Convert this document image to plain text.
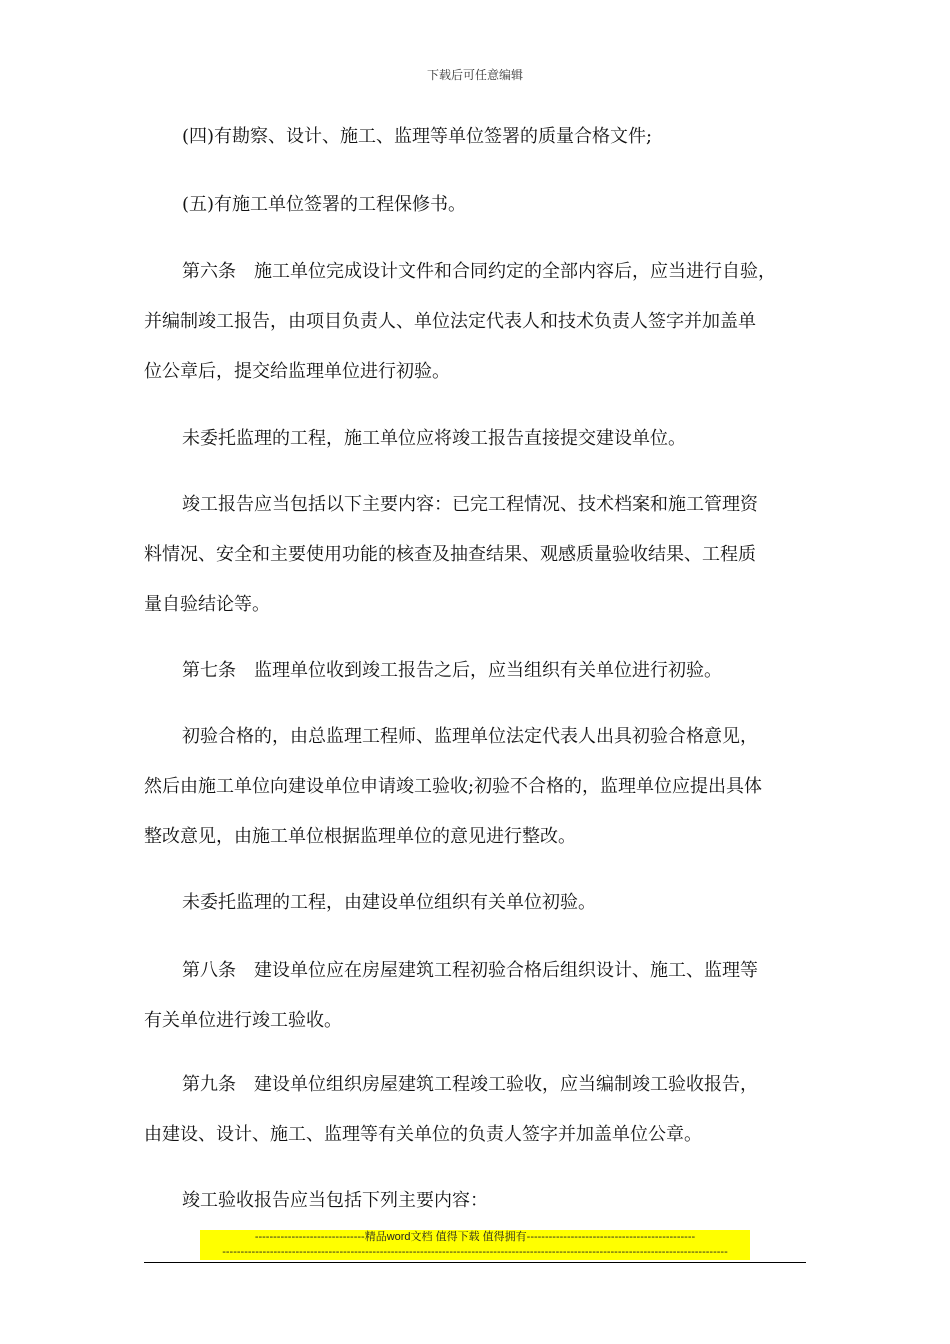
下载后可任意编辑
(四)有勘察、设计、施工、监理等单位签署的质量合格文件;
(五)有施工单位签署的工程保修书。
第六条　施工单位完成设计文件和合同约定的全部内容后，应当进行自验，
并编制竣工报告，由项目负责人、单位法定代表人和技术负责人签字并加盖单
位公章后，提交给监理单位进行初验。
未委托监理的工程，施工单位应将竣工报告直接提交建设单位。
竣工报告应当包括以下主要内容：已完工程情况、技术档案和施工管理资
料情况、安全和主要使用功能的核查及抽查结果、观感质量验收结果、工程质
量自验结论等。
第七条　监理单位收到竣工报告之后，应当组织有关单位进行初验。
初验合格的，由总监理工程师、监理单位法定代表人出具初验合格意见，
然后由施工单位向建设单位申请竣工验收;初验不合格的，监理单位应提出具体
整改意见，由施工单位根据监理单位的意见进行整改。
未委托监理的工程，由建设单位组织有关单位初验。
第八条　建设单位应在房屋建筑工程初验合格后组织设计、施工、监理等
有关单位进行竣工验收。
第九条　建设单位组织房屋建筑工程竣工验收，应当编制竣工验收报告，
由建设、设计、施工、监理等有关单位的负责人签字并加盖单位公章。
竣工验收报告应当包括下列主要内容：
------------------------------精品word文档 值得下载 值得拥有----------------------------------------------
------------------------------------------------------------------------------------------------------------------------------------------
